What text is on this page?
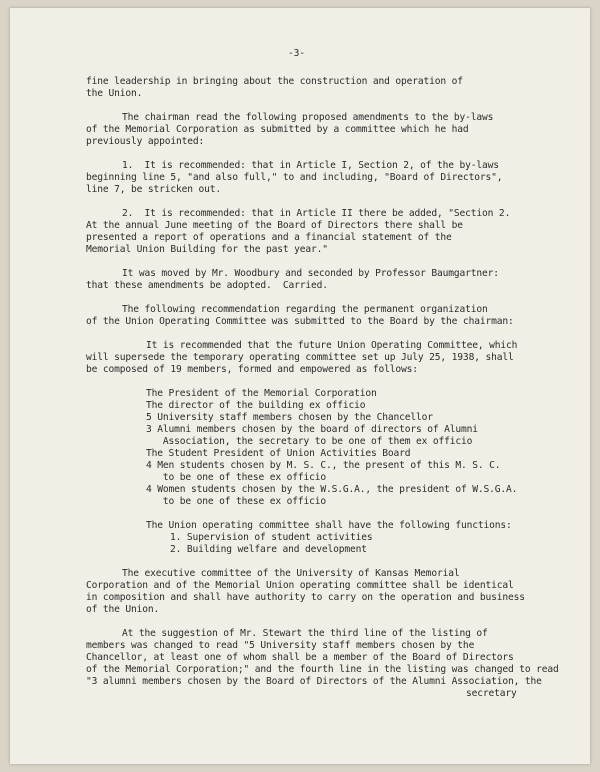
-3-

fine leadership in bringing about the construction and operation of

the Union.

The chairman read the following proposed amendments to the by-laws

of the Memorial Corporation as submitted by a committee which he had

previously appointed:

1.  It is recommended: that in Article I, Section 2, of the by-laws

beginning line 5, "and also full," to and including, "Board of Directors",

line 7, be stricken out.

2.  It is recommended: that in Article II there be added, "Section 2.

At the annual June meeting of the Board of Directors there shall be

presented a report of operations and a financial statement of the

Memorial Union Building for the past year."

It was moved by Mr. Woodbury and seconded by Professor Baumgartner:

that these amendments be adopted.  Carried.

The following recommendation regarding the permanent organization

of the Union Operating Committee was submitted to the Board by the chairman:

It is recommended that the future Union Operating Committee, which

will supersede the temporary operating committee set up July 25, 1938, shall

be composed of 19 members, formed and empowered as follows:

The President of the Memorial Corporation

The director of the building ex officio

5 University staff members chosen by the Chancellor

3 Alumni members chosen by the board of directors of Alumni

Association, the secretary to be one of them ex officio

The Student President of Union Activities Board

4 Men students chosen by M. S. C., the present of this M. S. C.

to be one of these ex officio

4 Women students chosen by the W.S.G.A., the president of W.S.G.A.

to be one of these ex officio

The Union operating committee shall have the following functions:

1. Supervision of student activities

2. Building welfare and development

The executive committee of the University of Kansas Memorial

Corporation and of the Memorial Union operating committee shall be identical

in composition and shall have authority to carry on the operation and business

of the Union.

At the suggestion of Mr. Stewart the third line of the listing of

members was changed to read "5 University staff members chosen by the

Chancellor, at least one of whom shall be a member of the Board of Directors

of the Memorial Corporation;" and the fourth line in the listing was changed to read

"3 alumni members chosen by the Board of Directors of the Alumni Association, the

secretary
